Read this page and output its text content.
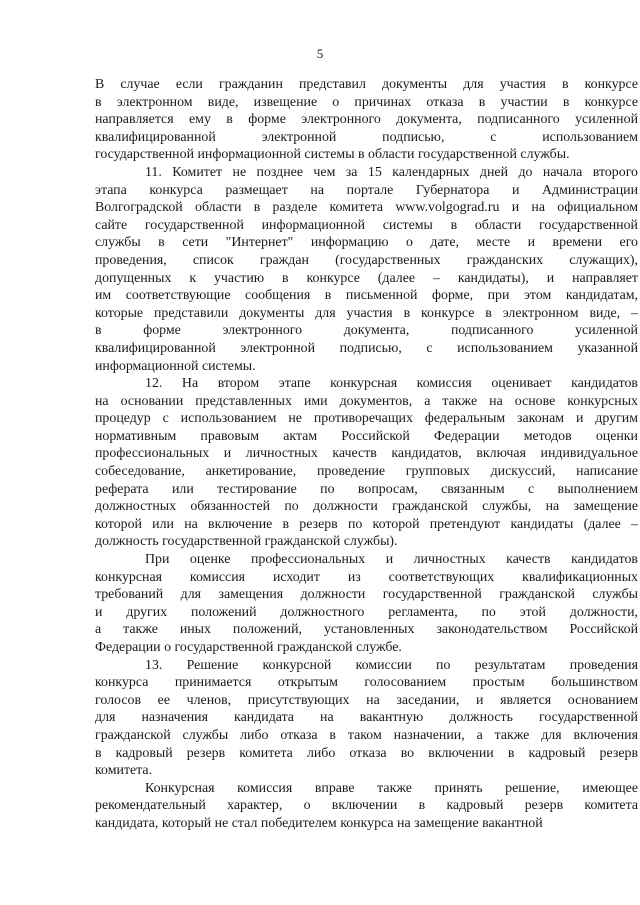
5
В случае если гражданин представил документы для участия в конкурсе
в электронном виде, извещение о причинах отказа в участии в конкурсе
направляется ему в форме электронного документа, подписанного усиленной
квалифицированной электронной подписью, с использованием
государственной информационной системы в области государственной службы.
11. Комитет не позднее чем за 15 календарных дней до начала второго
этапа конкурса размещает на портале Губернатора и Администрации
Волгоградской области в разделе комитета www.volgograd.ru и на официальном
сайте государственной информационной системы в области государственной
службы в сети "Интернет" информацию о дате, месте и времени его
проведения, список граждан (государственных гражданских служащих),
допущенных к участию в конкурсе (далее – кандидаты), и направляет
им соответствующие сообщения в письменной форме, при этом кандидатам,
которые представили документы для участия в конкурсе в электронном виде, –
в форме электронного документа, подписанного усиленной
квалифицированной электронной подписью, с использованием указанной
информационной системы.
12. На втором этапе конкурсная комиссия оценивает кандидатов
на основании представленных ими документов, а также на основе конкурсных
процедур с использованием не противоречащих федеральным законам и другим
нормативным правовым актам Российской Федерации методов оценки
профессиональных и личностных качеств кандидатов, включая индивидуальное
собеседование, анкетирование, проведение групповых дискуссий, написание
реферата или тестирование по вопросам, связанным с выполнением
должностных обязанностей по должности гражданской службы, на замещение
которой или на включение в резерв по которой претендуют кандидаты (далее –
должность государственной гражданской службы).
При оценке профессиональных и личностных качеств кандидатов
конкурсная комиссия исходит из соответствующих квалификационных
требований для замещения должности государственной гражданской службы
и других положений должностного регламента, по этой должности,
а также иных положений, установленных законодательством Российской
Федерации о государственной гражданской службе.
13. Решение конкурсной комиссии по результатам проведения
конкурса принимается открытым голосованием простым большинством
голосов ее членов, присутствующих на заседании, и является основанием
для назначения кандидата на вакантную должность государственной
гражданской службы либо отказа в таком назначении, а также для включения
в кадровый резерв комитета либо отказа во включении в кадровый резерв
комитета.
Конкурсная комиссия вправе также принять решение, имеющее
рекомендательный характер, о включении в кадровый резерв комитета
кандидата, который не стал победителем конкурса на замещение вакантной
